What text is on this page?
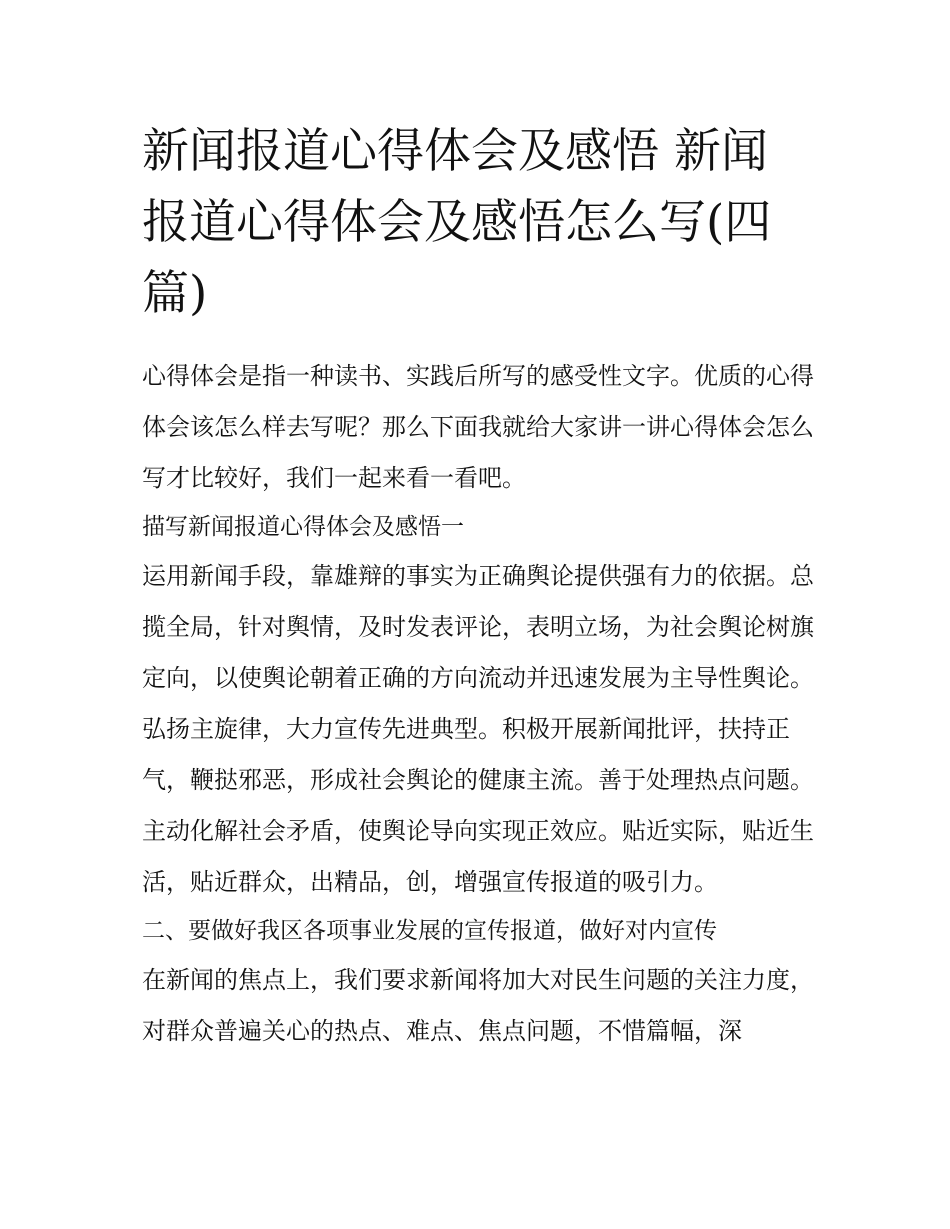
新闻报道心得体会及感悟 新闻报道心得体会及感悟怎么写(四篇)

心得体会是指一种读书、实践后所写的感受性文字。优质的心得体会该怎么样去写呢？那么下面我就给大家讲一讲心得体会怎么写才比较好，我们一起来看一看吧。

描写新闻报道心得体会及感悟一

运用新闻手段，靠雄辩的事实为正确舆论提供强有力的依据。总揽全局，针对舆情，及时发表评论，表明立场，为社会舆论树旗定向，以使舆论朝着正确的方向流动并迅速发展为主导性舆论。弘扬主旋律，大力宣传先进典型。积极开展新闻批评，扶持正气，鞭挞邪恶，形成社会舆论的健康主流。善于处理热点问题。主动化解社会矛盾，使舆论导向实现正效应。贴近实际，贴近生活，贴近群众，出精品，创，增强宣传报道的吸引力。

二、要做好我区各项事业发展的宣传报道，做好对内宣传

在新闻的焦点上，我们要求新闻将加大对民生问题的关注力度，对群众普遍关心的热点、难点、焦点问题，不惜篇幅，深
